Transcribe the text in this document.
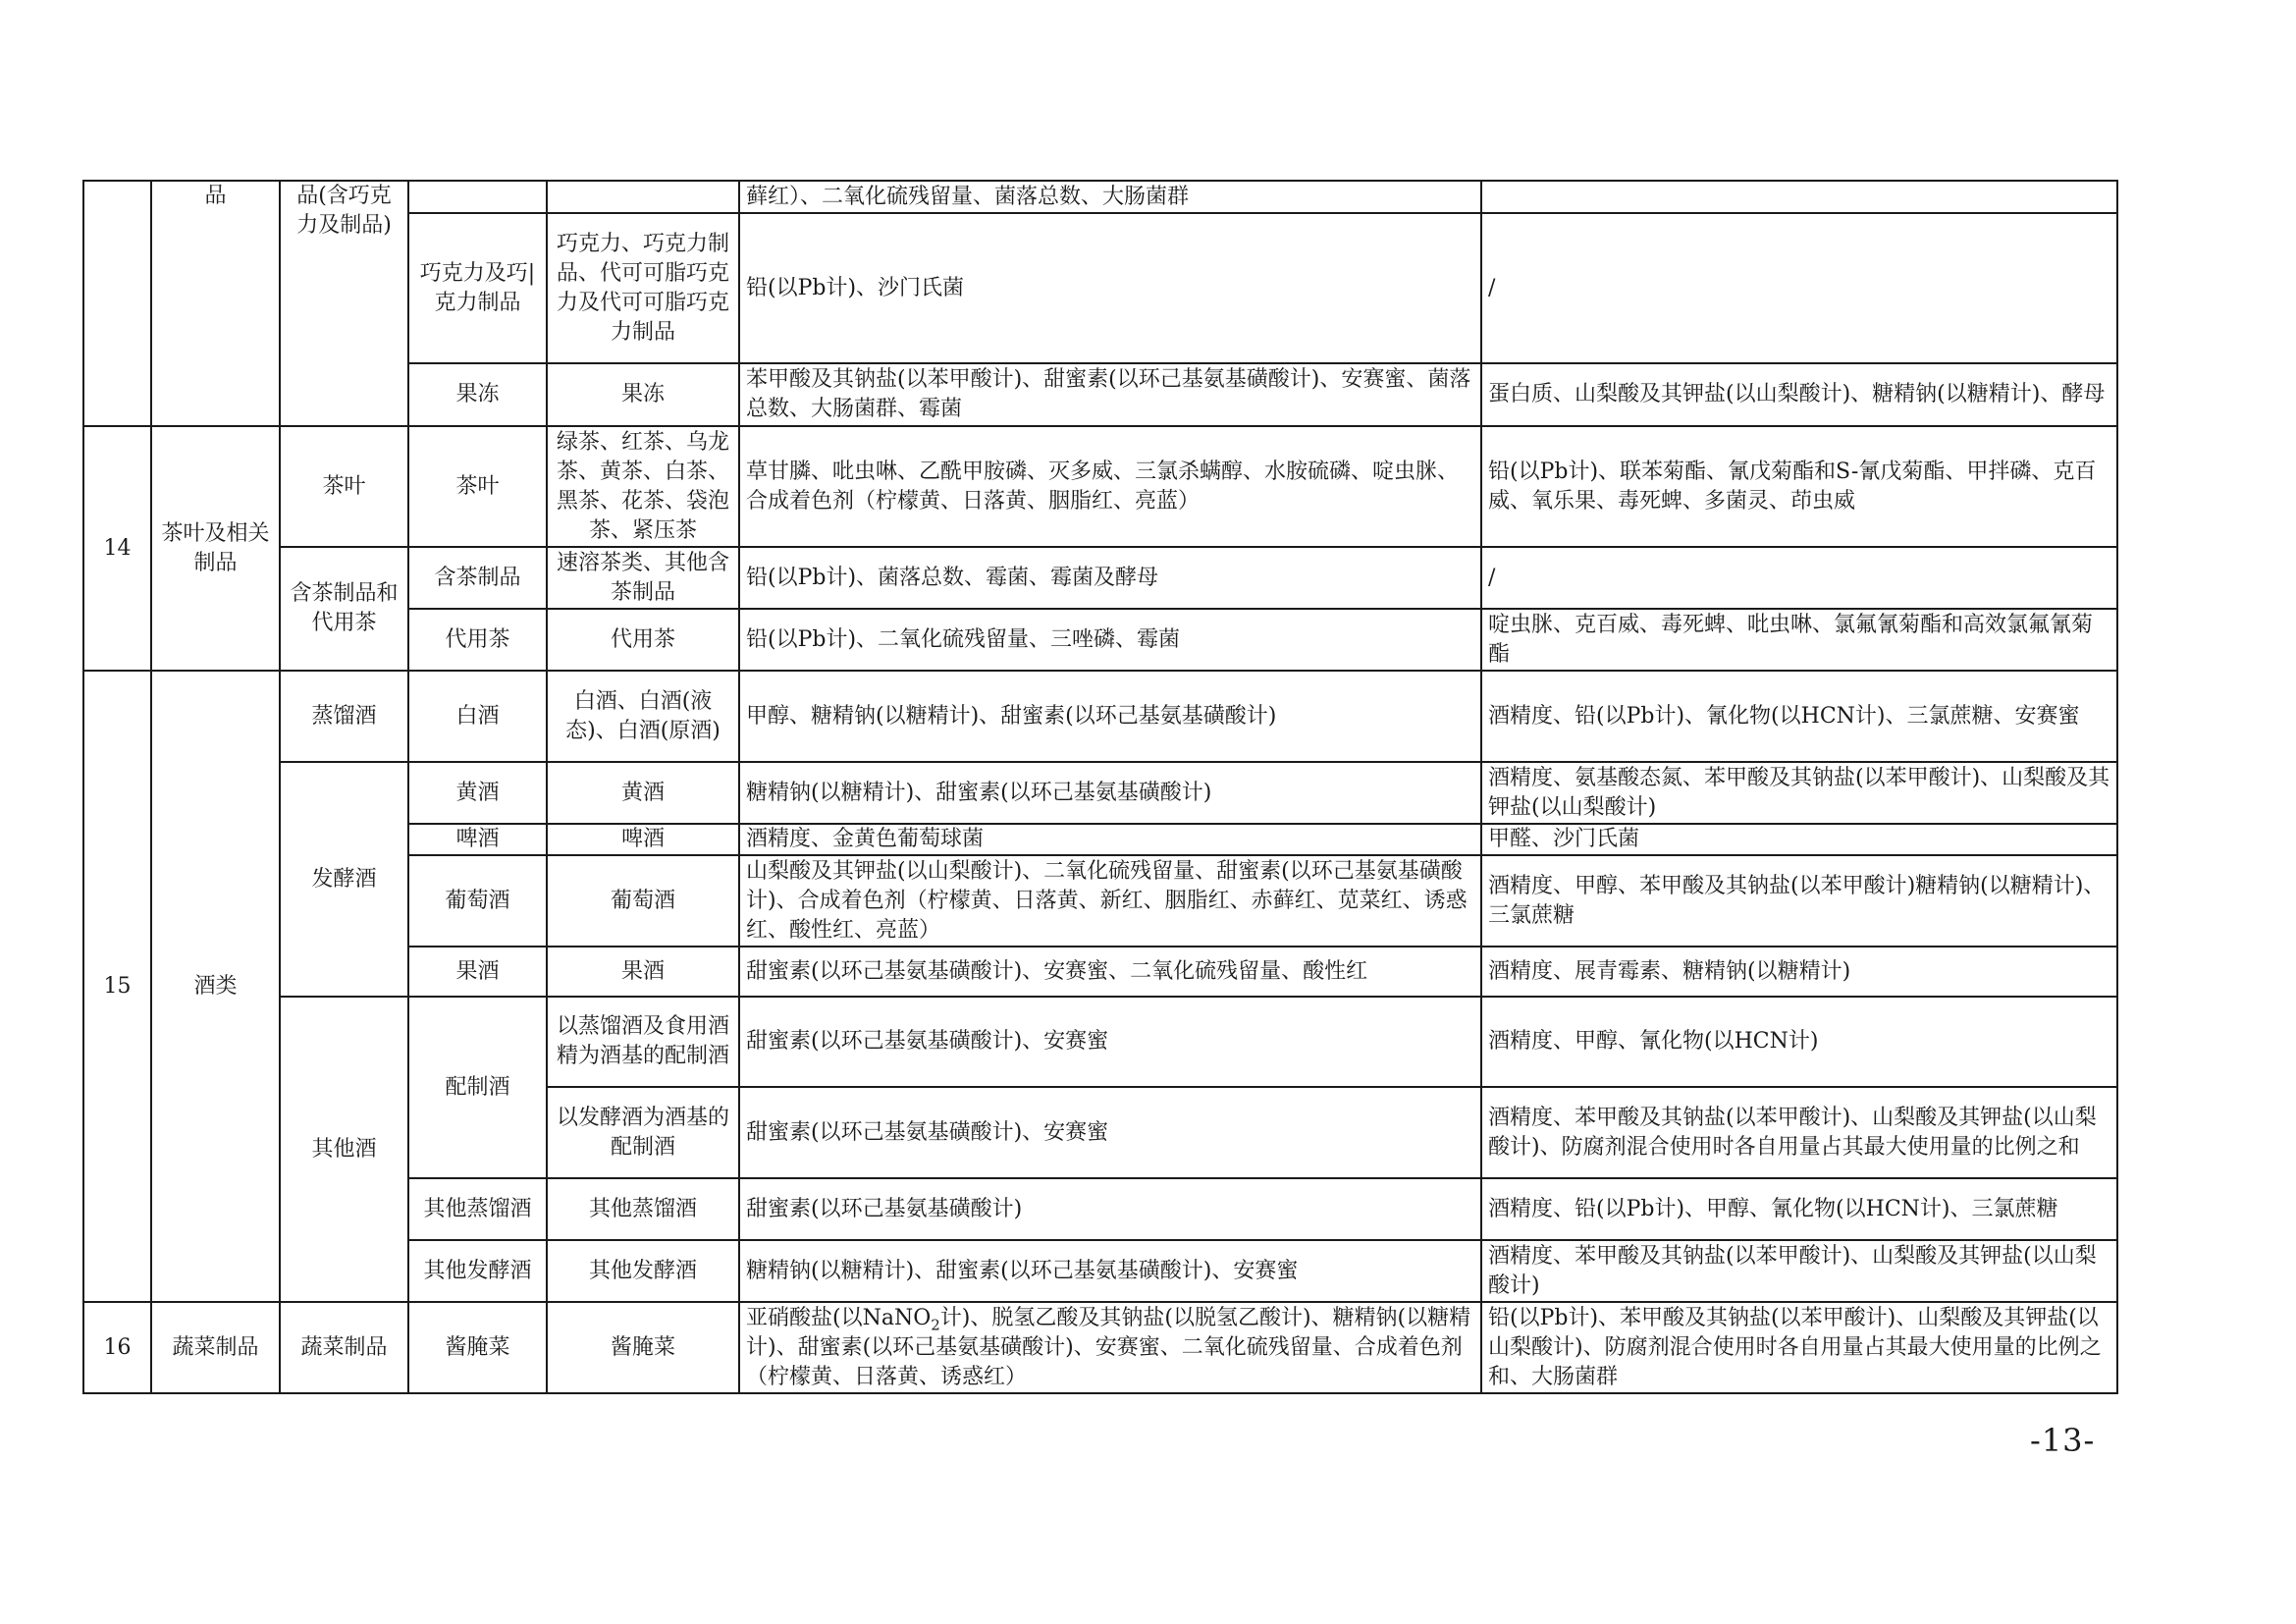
	品	品(含巧克力及制品)			藓红）、二氧化硫残留量、菌落总数、大肠菌群	
			巧克力及巧|克力制品	巧克力、巧克力制品、代可可脂巧克力及代可可脂巧克力制品	铅(以Pb计)、沙门氏菌	/
			果冻	果冻	苯甲酸及其钠盐(以苯甲酸计)、甜蜜素(以环己基氨基磺酸计)、安赛蜜、菌落总数、大肠菌群、霉菌	蛋白质、山梨酸及其钾盐(以山梨酸计)、糖精钠(以糖精计)、酵母
14	茶叶及相关制品	茶叶	茶叶	绿茶、红茶、乌龙茶、黄茶、白茶、黑茶、花茶、袋泡茶、紧压茶	草甘膦、吡虫啉、乙酰甲胺磷、灭多威、三氯杀螨醇、水胺硫磷、啶虫脒、合成着色剂（柠檬黄、日落黄、胭脂红、亮蓝）	铅(以Pb计)、联苯菊酯、氰戊菊酯和S-氰戊菊酯、甲拌磷、克百威、氧乐果、毒死蜱、多菌灵、茚虫威
		含茶制品和代用茶	含茶制品	速溶茶类、其他含茶制品	铅(以Pb计)、菌落总数、霉菌、霉菌及酵母	/
			代用茶	代用茶	铅(以Pb计)、二氧化硫残留量、三唑磷、霉菌	啶虫脒、克百威、毒死蜱、吡虫啉、氯氟氰菊酯和高效氯氟氰菊酯
15	酒类	蒸馏酒	白酒	白酒、白酒(液态)、白酒(原酒)	甲醇、糖精钠(以糖精计)、甜蜜素(以环己基氨基磺酸计)	酒精度、铅(以Pb计)、氰化物(以HCN计)、三氯蔗糖、安赛蜜
		发酵酒	黄酒	黄酒	糖精钠(以糖精计)、甜蜜素(以环己基氨基磺酸计)	酒精度、氨基酸态氮、苯甲酸及其钠盐(以苯甲酸计)、山梨酸及其钾盐(以山梨酸计)
			啤酒	啤酒	酒精度、金黄色葡萄球菌	甲醛、沙门氏菌
			葡萄酒	葡萄酒	山梨酸及其钾盐(以山梨酸计)、二氧化硫残留量、甜蜜素(以环己基氨基磺酸计)、合成着色剂（柠檬黄、日落黄、新红、胭脂红、赤藓红、苋菜红、诱惑红、酸性红、亮蓝）	酒精度、甲醇、苯甲酸及其钠盐(以苯甲酸计)糖精钠(以糖精计)、三氯蔗糖
			果酒	果酒	甜蜜素(以环己基氨基磺酸计)、安赛蜜、二氧化硫残留量、酸性红	酒精度、展青霉素、糖精钠(以糖精计)
		其他酒	配制酒	以蒸馏酒及食用酒精为酒基的配制酒	甜蜜素(以环己基氨基磺酸计)、安赛蜜	酒精度、甲醇、氰化物(以HCN计)
				以发酵酒为酒基的配制酒	甜蜜素(以环己基氨基磺酸计)、安赛蜜	酒精度、苯甲酸及其钠盐(以苯甲酸计)、山梨酸及其钾盐(以山梨酸计)、防腐剂混合使用时各自用量占其最大使用量的比例之和
			其他蒸馏酒	其他蒸馏酒	甜蜜素(以环己基氨基磺酸计)	酒精度、铅(以Pb计)、甲醇、氰化物(以HCN计)、三氯蔗糖
			其他发酵酒	其他发酵酒	糖精钠(以糖精计)、甜蜜素(以环己基氨基磺酸计)、安赛蜜	酒精度、苯甲酸及其钠盐(以苯甲酸计)、山梨酸及其钾盐(以山梨酸计)
16	蔬菜制品	蔬菜制品	酱腌菜	酱腌菜	亚硝酸盐(以NaNO$_2$计)、脱氢乙酸及其钠盐(以脱氢乙酸计)、糖精钠(以糖精计)、甜蜜素(以环己基氨基磺酸计)、安赛蜜、二氧化硫残留量、合成着色剂（柠檬黄、日落黄、诱惑红）	铅(以Pb计)、苯甲酸及其钠盐(以苯甲酸计)、山梨酸及其钾盐(以山梨酸计)、防腐剂混合使用时各自用量占其最大使用量的比例之和、大肠菌群
-13-
